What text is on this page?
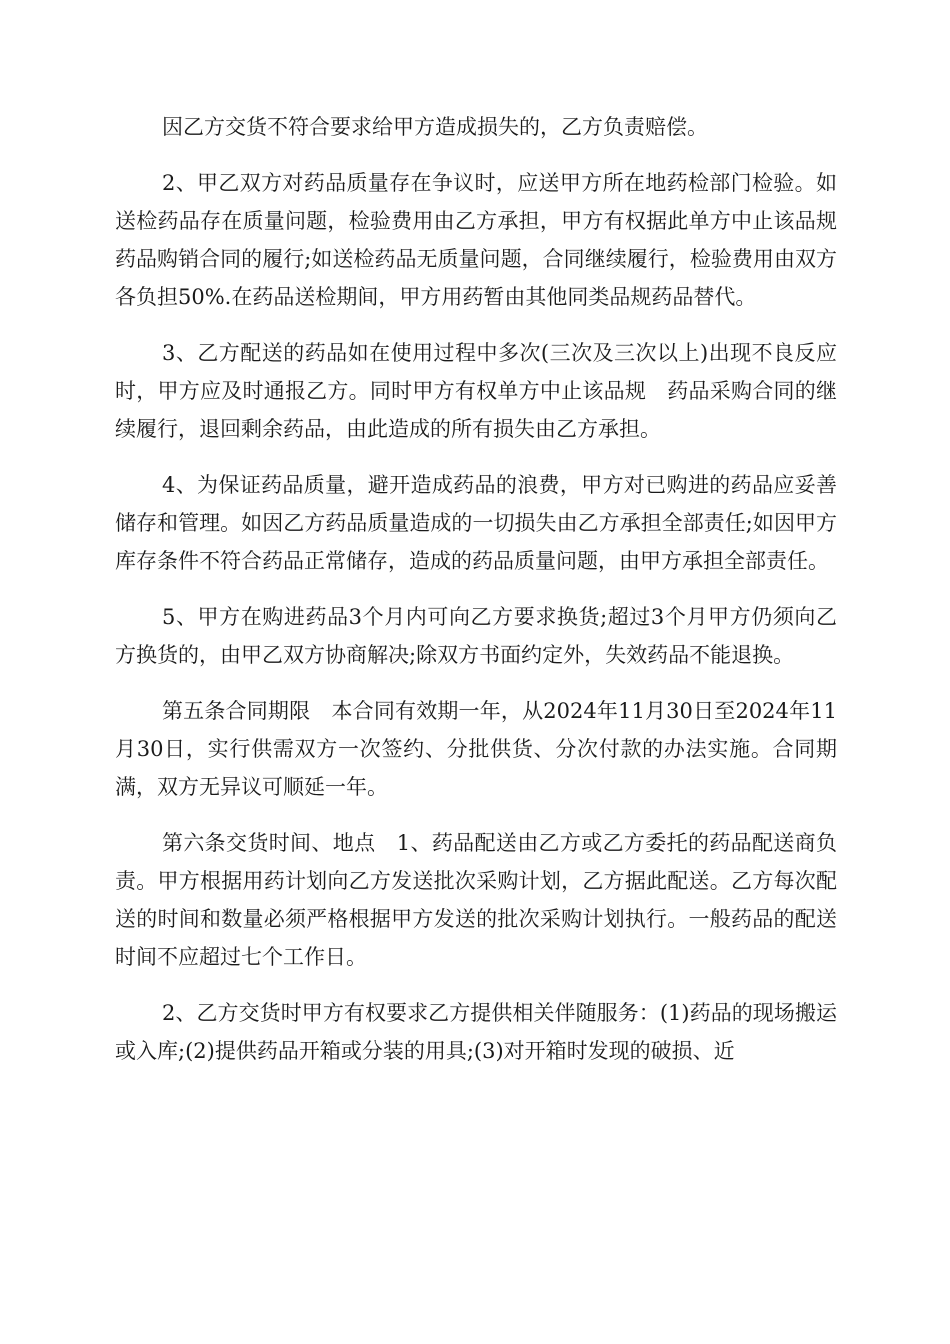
因乙方交货不符合要求给甲方造成损失的，乙方负责赔偿。

2、甲乙双方对药品质量存在争议时，应送甲方所在地药检部门检验。如送检药品存在质量问题，检验费用由乙方承担，甲方有权据此单方中止该品规药品购销合同的履行;如送检药品无质量问题，合同继续履行，检验费用由双方各负担50%.在药品送检期间，甲方用药暂由其他同类品规药品替代。

3、乙方配送的药品如在使用过程中多次(三次及三次以上)出现不良反应时，甲方应及时通报乙方。同时甲方有权单方中止该品规　药品采购合同的继续履行，退回剩余药品，由此造成的所有损失由乙方承担。

4、为保证药品质量，避开造成药品的浪费，甲方对已购进的药品应妥善储存和管理。如因乙方药品质量造成的一切损失由乙方承担全部责任;如因甲方库存条件不符合药品正常储存，造成的药品质量问题，由甲方承担全部责任。

5、甲方在购进药品3个月内可向乙方要求换货;超过3个月甲方仍须向乙方换货的，由甲乙双方协商解决;除双方书面约定外，失效药品不能退换。

第五条合同期限　本合同有效期一年，从2024年11月30日至2024年11月30日，实行供需双方一次签约、分批供货、分次付款的办法实施。合同期满，双方无异议可顺延一年。

第六条交货时间、地点　1、药品配送由乙方或乙方委托的药品配送商负责。甲方根据用药计划向乙方发送批次采购计划，乙方据此配送。乙方每次配送的时间和数量必须严格根据甲方发送的批次采购计划执行。一般药品的配送时间不应超过七个工作日。

2、乙方交货时甲方有权要求乙方提供相关伴随服务：(1)药品的现场搬运或入库;(2)提供药品开箱或分装的用具;(3)对开箱时发现的破损、近
